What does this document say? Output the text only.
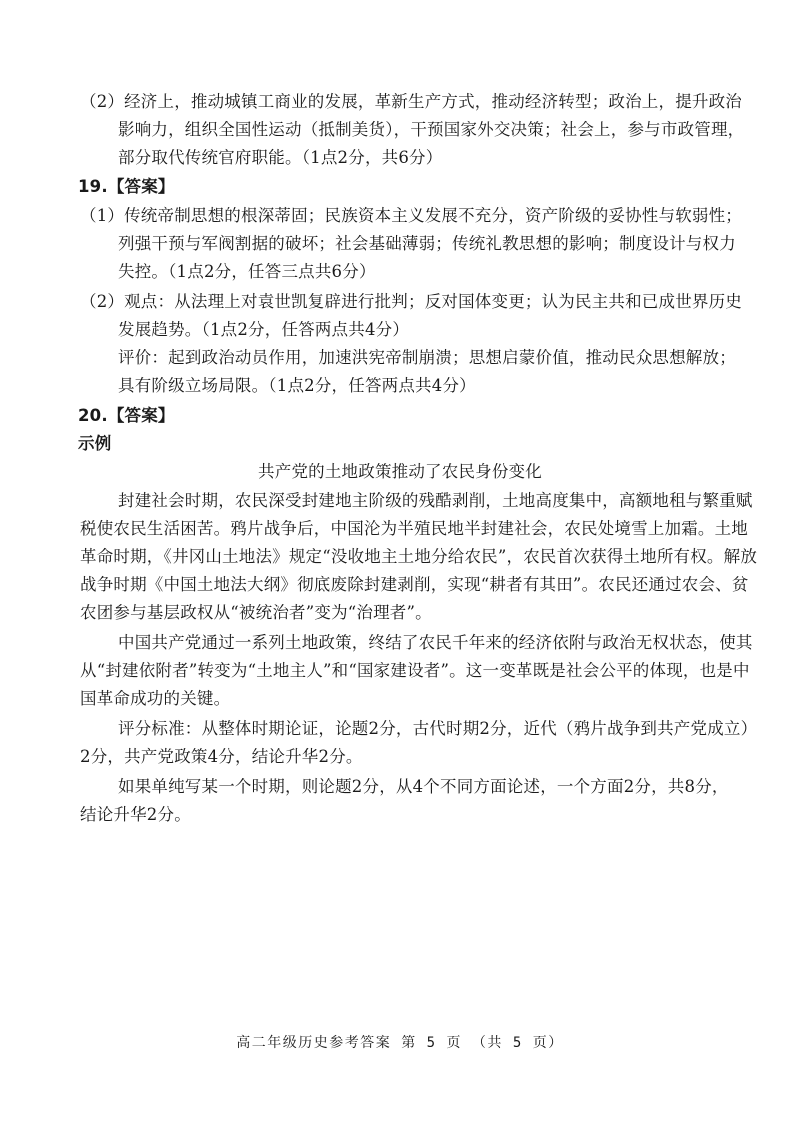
（2）经济上，推动城镇工商业的发展，革新生产方式，推动经济转型；政治上，提升政治
影响力，组织全国性运动（抵制美货），干预国家外交决策；社会上，参与市政管理，
部分取代传统官府职能。（1点2分，共6分）
19.【答案】
（1）传统帝制思想的根深蒂固；民族资本主义发展不充分，资产阶级的妥协性与软弱性；
列强干预与军阀割据的破坏；社会基础薄弱；传统礼教思想的影响；制度设计与权力
失控。（1点2分，任答三点共6分）
（2）观点：从法理上对袁世凯复辟进行批判；反对国体变更；认为民主共和已成世界历史
发展趋势。（1点2分，任答两点共4分）
评价：起到政治动员作用，加速洪宪帝制崩溃；思想启蒙价值，推动民众思想解放；
具有阶级立场局限。（1点2分，任答两点共4分）
20.【答案】
示例
共产党的土地政策推动了农民身份变化
封建社会时期，农民深受封建地主阶级的残酷剥削，土地高度集中，高额地租与繁重赋
税使农民生活困苦。鸦片战争后，中国沦为半殖民地半封建社会，农民处境雪上加霜。土地
革命时期，《井冈山土地法》规定“没收地主土地分给农民”，农民首次获得土地所有权。解放
战争时期《中国土地法大纲》彻底废除封建剥削，实现“耕者有其田”。农民还通过农会、贫
农团参与基层政权从“被统治者”变为“治理者”。
中国共产党通过一系列土地政策，终结了农民千年来的经济依附与政治无权状态，使其
从“封建依附者”转变为“土地主人”和“国家建设者”。这一变革既是社会公平的体现，也是中
国革命成功的关键。
评分标准：从整体时期论证，论题2分，古代时期2分，近代（鸦片战争到共产党成立）
2分，共产党政策4分，结论升华2分。
如果单纯写某一个时期，则论题2分，从4个不同方面论述，一个方面2分，共8分，
结论升华2分。
高二年级历史参考答案 第 5 页 （共 5 页）
